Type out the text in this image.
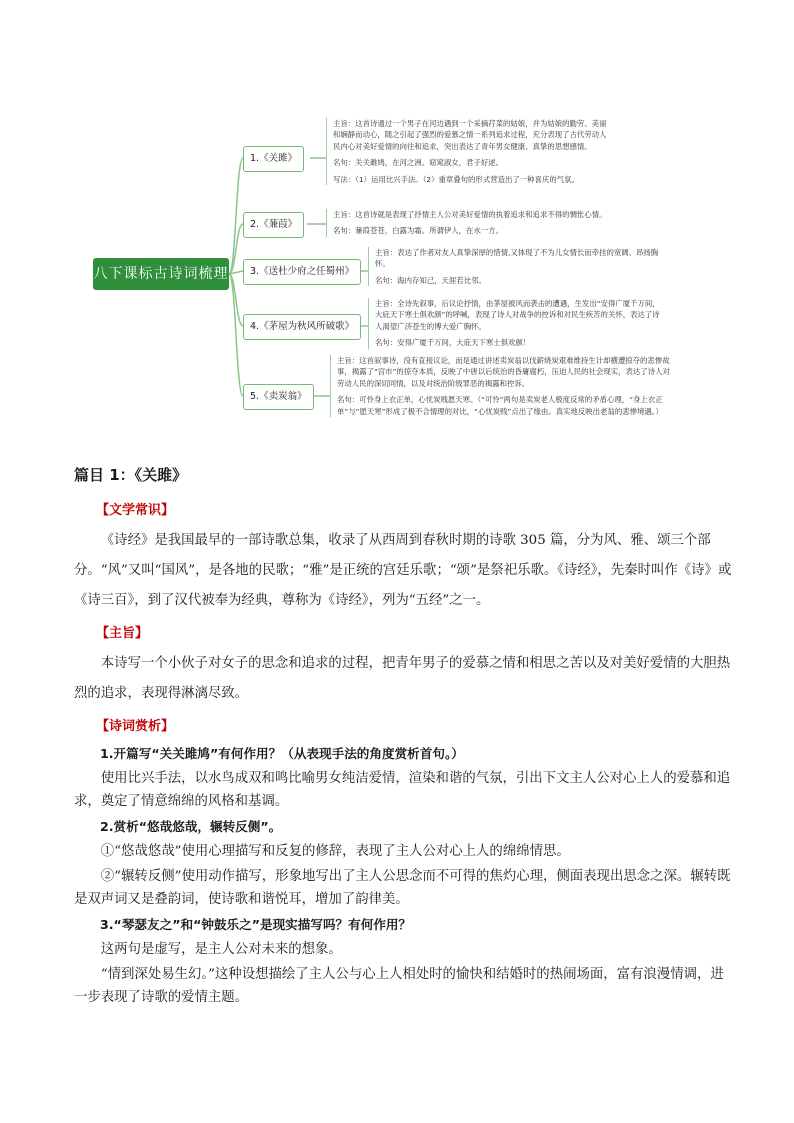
八下课标古诗词梳理
1.《关雎》
2.《蒹葭》
3.《送杜少府之任蜀州》
4.《茅屋为秋风所破歌》
5.《卖炭翁》
主旨：这首诗通过一个男子在河边遇到一个采摘荇菜的姑娘，并为姑娘的勤劳、美丽和娴静而动心，随之引起了强烈的爱慕之情一系列追求过程，充分表现了古代劳动人民内心对美好爱情的向往和追求，突出表达了青年男女健康、真挚的思想感情。
名句：关关雎鸠，在河之洲。窈窕淑女，君子好逑。
写法：（1）运用比兴手法。（2）重章叠句的形式营造出了一种喜庆的气氛。
主旨：这首诗就是表现了抒情主人公对美好爱情的执着追求和追求不得的惆怅心情。
名句：蒹葭苍苍，白露为霜。所谓伊人，在水一方。
主旨：表达了作者对友人真挚深厚的惜情,又体现了不为儿女情长而牵挂的宽阔、昂扬胸怀。
名句：海内存知己，天涯若比邻。
主旨：全诗先叙事，后议论抒情，由茅屋被风而袭击的遭遇，生发出“安得广厦千万间，大庇天下寒士俱欢颜”的呼喊，表现了诗人对战争的控诉和对民生疾苦的关怀，表达了诗人渴望广济苍生的博大爱广胸怀。
名句：安得广厦千万间，大庇天下寒士俱欢颜！
主旨：这首叙事诗，没有直接议论，而是通过讲述卖炭翁以伐薪烧炭艰难维持生计却横遭掠夺的悲惨故事，揭露了“宫市”的掠夺本质，反映了中唐以后统治的昏庸腐朽，压迫人民的社会现实，表达了诗人对劳动人民的深切同情，以及对统治阶级罪恶的揭露和控诉。
名句：可怜身上衣正单，心忧炭贱愿天寒。（“可怜”两句是卖炭老人极度反常的矛盾心理，“身上衣正单”与“愿天寒”形成了极不合情理的对比，“心忧炭贱”点出了缘由。真实地反映出老翁的悲惨境遇。）
篇目 1：《关雎》
【文学常识】
《诗经》是我国最早的一部诗歌总集，收录了从西周到春秋时期的诗歌 305 篇，分为风、雅、颂三个部分。“风”又叫“国风”，是各地的民歌；“雅”是正统的宫廷乐歌；“颂”是祭祀乐歌。《诗经》，先秦时叫作《诗》或《诗三百》，到了汉代被奉为经典，尊称为《诗经》，列为“五经”之一。
【主旨】
本诗写一个小伙子对女子的思念和追求的过程，把青年男子的爱慕之情和相思之苦以及对美好爱情的大胆热烈的追求，表现得淋漓尽致。
【诗词赏析】
1.开篇写“关关雎鸠”有何作用？（从表现手法的角度赏析首句。）
使用比兴手法，以水鸟成双和鸣比喻男女纯洁爱情，渲染和谐的气氛，引出下文主人公对心上人的爱慕和追求，奠定了情意绵绵的风格和基调。
2.赏析“悠哉悠哉，辗转反侧”。
①“悠哉悠哉”使用心理描写和反复的修辞，表现了主人公对心上人的绵绵情思。
②“辗转反侧”使用动作描写，形象地写出了主人公思念而不可得的焦灼心理，侧面表现出思念之深。辗转既是双声词又是叠韵词，使诗歌和谐悦耳，增加了韵律美。
3.“琴瑟友之”和“钟鼓乐之”是现实描写吗？有何作用？
这两句是虚写，是主人公对未来的想象。
“情到深处易生幻。”这种设想描绘了主人公与心上人相处时的愉快和结婚时的热闹场面，富有浪漫情调，进一步表现了诗歌的爱情主题。
